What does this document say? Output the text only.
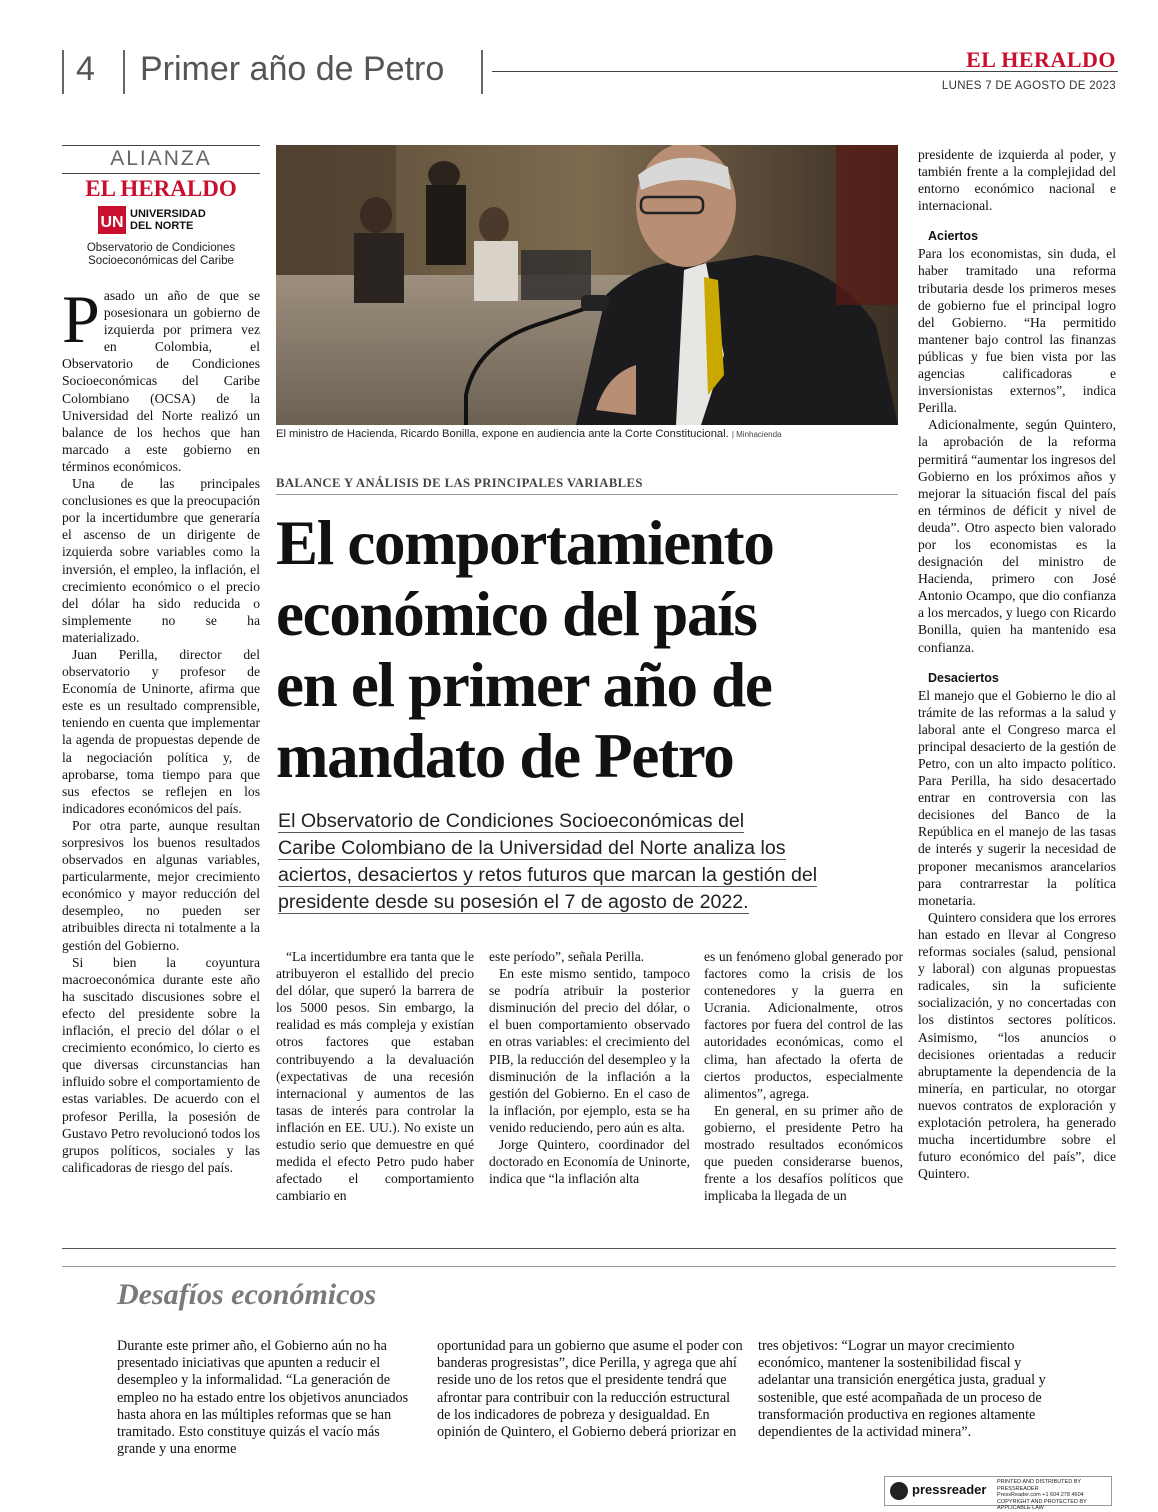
4 Primer año de Petro	EL HERALDO
LUNES 7 DE AGOSTO DE 2023
ALIANZA
EL HERALDO
UN UNIVERSIDAD
DEL NORTE
Observatorio de Condiciones
Socioeconómicas del Caribe

Pasado un año de que se posesionara un gobierno de izquierda por primera vez en Colombia, el Observatorio de Condiciones Socioeconómicas del Caribe Colombiano (OCSA) de la Universidad del Norte realizó un balance de los hechos que han marcado a este gobierno en términos económicos.

Una de las principales conclusiones es que la preocupación por la incertidumbre que generaría el ascenso de un dirigente de izquierda sobre variables como la inversión, el empleo, la inflación, el crecimiento económico o el precio del dólar ha sido reducida o simplemente no se ha materializado.

Juan Perilla, director del observatorio y profesor de Economía de Uninorte, afirma que este es un resultado comprensible, teniendo en cuenta que implementar la agenda de propuestas depende de la negociación política y, de aprobarse, toma tiempo para que sus efectos se reflejen en los indicadores económicos del país.

Por otra parte, aunque resultan sorpresivos los buenos resultados observados en algunas variables, particularmente, mejor crecimiento económico y mayor reducción del desempleo, no pueden ser atribuibles directa ni totalmente a la gestión del Gobierno.

Si bien la coyuntura macroeconómica durante este año ha suscitado discusiones sobre el efecto del presidente sobre la inflación, el precio del dólar o el crecimiento económico, lo cierto es que diversas circunstancias han influido sobre el comportamiento de estas variables. De acuerdo con el profesor Perilla, la posesión de Gustavo Petro revolucionó todos los grupos políticos, sociales y las calificadoras de riesgo del país.

El ministro de Hacienda, Ricardo Bonilla, expone en audiencia ante la Corte Constitucional. | Minhacienda
BALANCE Y ANÁLISIS DE LAS PRINCIPALES VARIABLES
El comportamiento
económico del país
en el primer año de
mandato de Petro
El Observatorio de Condiciones Socioeconómicas del
Caribe Colombiano de la Universidad del Norte analiza los
aciertos, desaciertos y retos futuros que marcan la gestión del
presidente desde su posesión el 7 de agosto de 2022.

“La incertidumbre era tanta que le atribuyeron el estallido del precio del dólar, que superó la barrera de los 5000 pesos. Sin embargo, la realidad es más compleja y existían otros factores que estaban contribuyendo a la devaluación (expectativas de una recesión internacional y aumentos de las tasas de interés para controlar la inflación en EE. UU.). No existe un estudio serio que demuestre en qué medida el efecto Petro pudo haber afectado el comportamiento cambiario en

este período”, señala Perilla.

En este mismo sentido, tampoco se podría atribuir la posterior disminución del precio del dólar, o el buen comportamiento observado en otras variables: el crecimiento del PIB, la reducción del desempleo y la disminución de la inflación a la gestión del Gobierno. En el caso de la inflación, por ejemplo, esta se ha venido reduciendo, pero aún es alta.

Jorge Quintero, coordinador del doctorado en Economía de Uninorte, indica que “la inflación alta

es un fenómeno global generado por factores como la crisis de los contenedores y la guerra en Ucrania. Adicionalmente, otros factores por fuera del control de las autoridades económicas, como el clima, han afectado la oferta de ciertos productos, especialmente alimentos”, agrega.

En general, en su primer año de gobierno, el presidente Petro ha mostrado resultados económicos que pueden considerarse buenos, frente a los desafíos políticos que implicaba la llegada de un

presidente de izquierda al poder, y también frente a la complejidad del entorno económico nacional e internacional.

Aciertos

Para los economistas, sin duda, el haber tramitado una reforma tributaria desde los primeros meses de gobierno fue el principal logro del Gobierno. “Ha permitido mantener bajo control las finanzas públicas y fue bien vista por las agencias calificadoras e inversionistas externos”, indica Perilla.

Adicionalmente, según Quintero, la aprobación de la reforma permitirá “aumentar los ingresos del Gobierno en los próximos años y mejorar la situación fiscal del país en términos de déficit y nivel de deuda”. Otro aspecto bien valorado por los economistas es la designación del ministro de Hacienda, primero con José Antonio Ocampo, que dio confianza a los mercados, y luego con Ricardo Bonilla, quien ha mantenido esa confianza.

Desaciertos

El manejo que el Gobierno le dio al trámite de las reformas a la salud y laboral ante el Congreso marca el principal desacierto de la gestión de Petro, con un alto impacto político. Para Perilla, ha sido desacertado entrar en controversia con las decisiones del Banco de la República en el manejo de las tasas de interés y sugerir la necesidad de proponer mecanismos arancelarios para contrarrestar la política monetaria.

Quintero considera que los errores han estado en llevar al Congreso reformas sociales (salud, pensional y laboral) con algunas propuestas radicales, sin la suficiente socialización, y no concertadas con los distintos sectores políticos. Asimismo, “los anuncios o decisiones orientadas a reducir abruptamente la dependencia de la minería, en particular, no otorgar nuevos contratos de exploración y explotación petrolera, ha generado mucha incertidumbre sobre el futuro económico del país”, dice Quintero.

Desafíos económicos

Durante este primer año, el Gobierno aún no ha presentado iniciativas que apunten a reducir el desempleo y la informalidad. “La generación de empleo no ha estado entre los objetivos anunciados hasta ahora en las múltiples reformas que se han tramitado. Esto constituye quizás el vacío más grande y una enorme

oportunidad para un gobierno que asume el poder con banderas progresistas”, dice Perilla, y agrega que ahí reside uno de los retos que el presidente tendrá que afrontar para contribuir con la reducción estructural de los indicadores de pobreza y desigualdad. En opinión de Quintero, el Gobierno deberá priorizar en

tres objetivos: “Lograr un mayor crecimiento económico, mantener la sostenibilidad fiscal y adelantar una transición energética justa, gradual y sostenible, que esté acompañada de un proceso de transformación productiva en regiones altamente dependientes de la actividad minera”.

pressreader PRINTED AND DISTRIBUTED BY PRESSREADER
PressReader.com +1 604 278 4604
COPYRIGHT AND PROTECTED BY APPLICABLE LAW
